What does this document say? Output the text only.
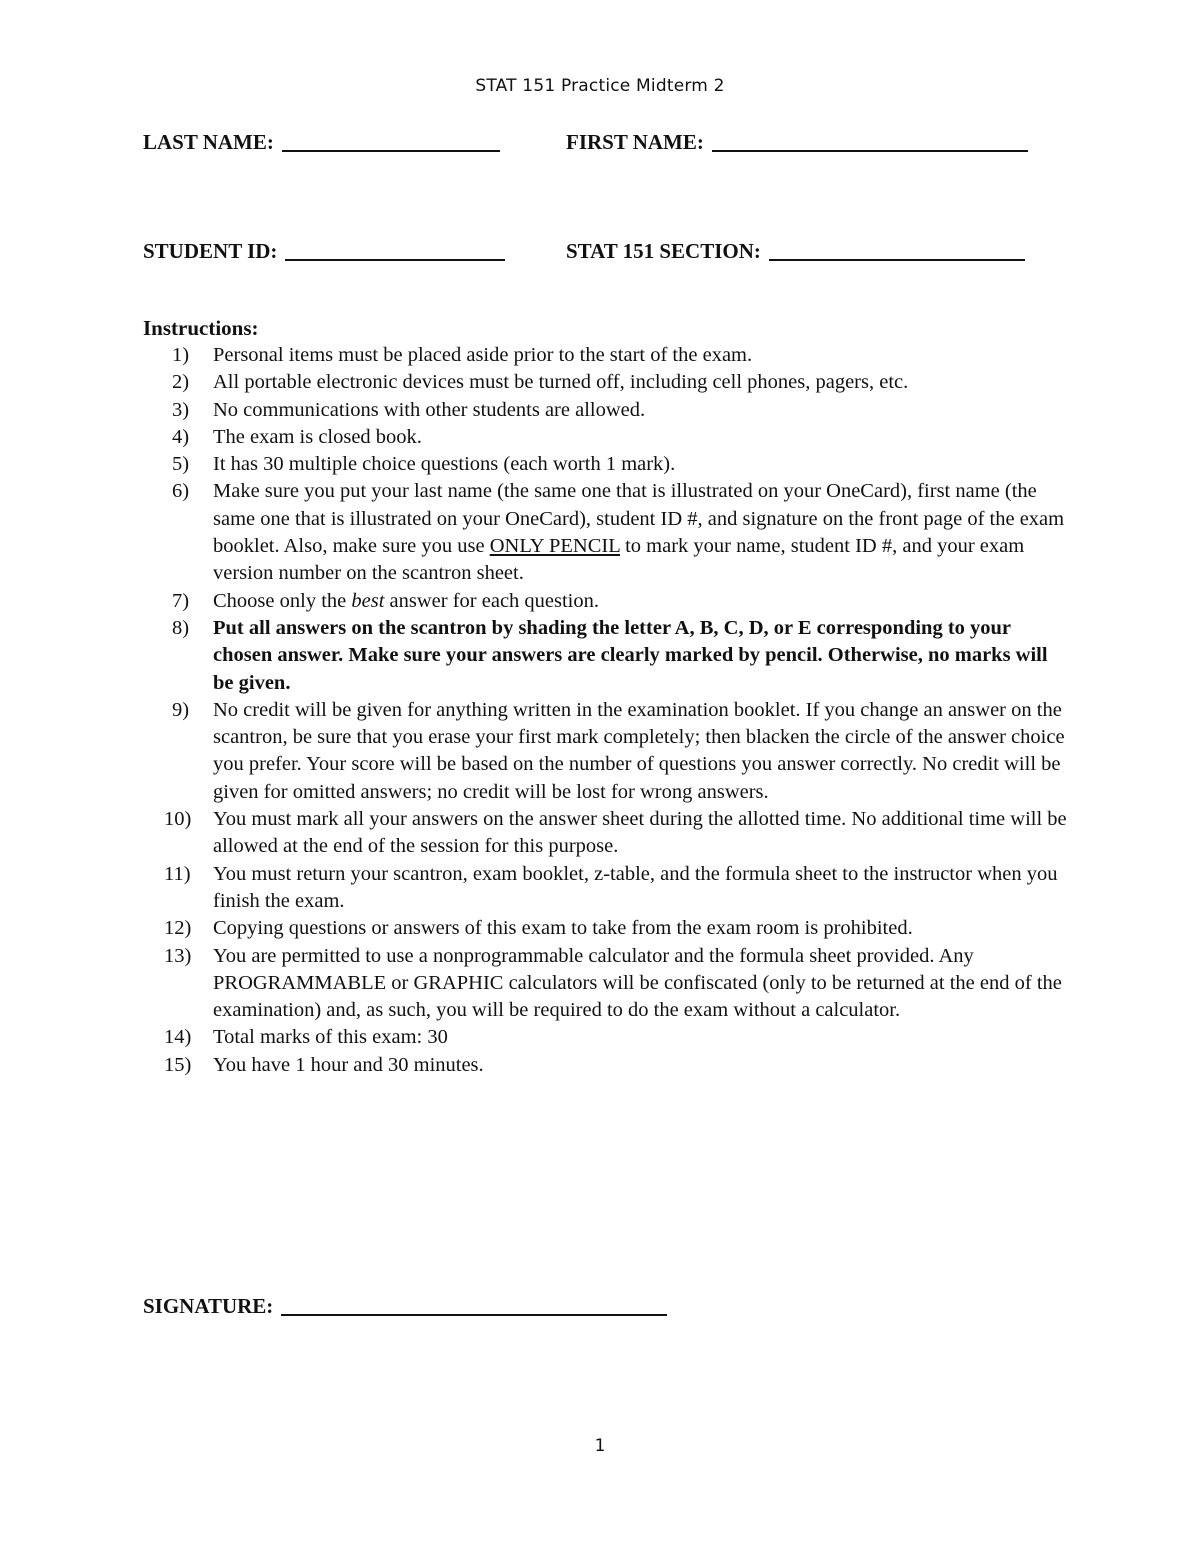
STAT 151 Practice Midterm 2
LAST NAME:	FIRST NAME:
STUDENT ID:	STAT 151 SECTION:
Instructions:
1) Personal items must be placed aside prior to the start of the exam.
2) All portable electronic devices must be turned off, including cell phones, pagers, etc.
3) No communications with other students are allowed.
4) The exam is closed book.
5) It has 30 multiple choice questions (each worth 1 mark).
6) Make sure you put your last name (the same one that is illustrated on your OneCard), first name (the same one that is illustrated on your OneCard), student ID #, and signature on the front page of the exam booklet. Also, make sure you use ONLY PENCIL to mark your name, student ID #, and your exam version number on the scantron sheet.
7) Choose only the best answer for each question.
8) Put all answers on the scantron by shading the letter A, B, C, D, or E corresponding to your chosen answer. Make sure your answers are clearly marked by pencil. Otherwise, no marks will be given.
9) No credit will be given for anything written in the examination booklet. If you change an answer on the scantron, be sure that you erase your first mark completely; then blacken the circle of the answer choice you prefer. Your score will be based on the number of questions you answer correctly. No credit will be given for omitted answers; no credit will be lost for wrong answers.
10) You must mark all your answers on the answer sheet during the allotted time. No additional time will be allowed at the end of the session for this purpose.
11) You must return your scantron, exam booklet, z-table, and the formula sheet to the instructor when you finish the exam.
12) Copying questions or answers of this exam to take from the exam room is prohibited.
13) You are permitted to use a nonprogrammable calculator and the formula sheet provided. Any PROGRAMMABLE or GRAPHIC calculators will be confiscated (only to be returned at the end of the examination) and, as such, you will be required to do the exam without a calculator.
14) Total marks of this exam: 30
15) You have 1 hour and 30 minutes.
SIGNATURE:
1
